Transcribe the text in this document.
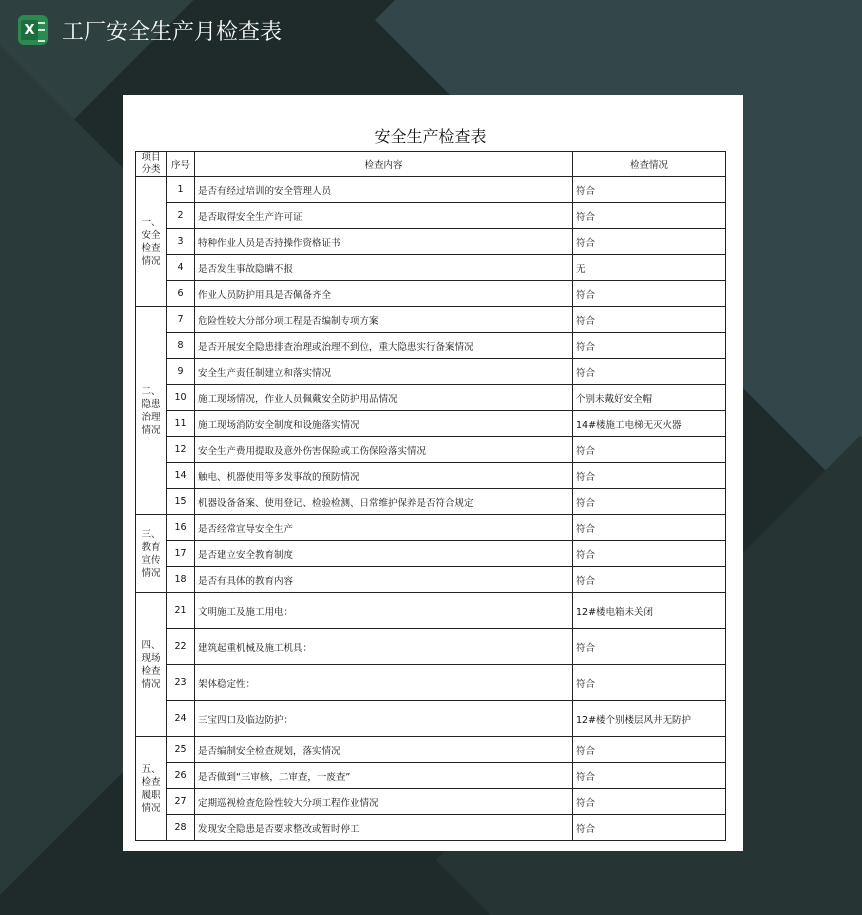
X 工厂安全生产月检查表
安全生产检查表			
项目
分类	序号	检查内容	检查情况
一、
安全
检查
情况	1	是否有经过培训的安全管理人员	符合
	2	是否取得安全生产许可证	符合
	3	特种作业人员是否持操作资格证书	符合
	4	是否发生事故隐瞒不报	无
	6	作业人员防护用具是否佩备齐全	符合
二、
隐患
治理
情况	7	危险性较大分部分项工程是否编制专项方案	符合
	8	是否开展安全隐患排查治理或治理不到位，重大隐患实行备案情况	符合
	9	安全生产责任制建立和落实情况	符合
	10	施工现场情况，作业人员佩戴安全防护用品情况	个别未戴好安全帽
	11	施工现场消防安全制度和设施落实情况	14#楼施工电梯无灭火器
	12	安全生产费用提取及意外伤害保险或工伤保险落实情况	符合
	14	触电、机器使用等多发事故的预防情况	符合
	15	机器设备备案、使用登记、检验检测、日常维护保养是否符合规定	符合
三、
教育
宣传
情况	16	是否经常宣导安全生产	符合
	17	是否建立安全教育制度	符合
	18	是否有具体的教育内容	符合
四、
现场
检查
情况	21	文明施工及施工用电：	12#楼电箱未关闭
	22	建筑起重机械及施工机具：	符合
	23	架体稳定性：	符合
	24	三宝四口及临边防护：	12#楼个别楼层风井无防护
五、
检查
履职
情况	25	是否编制安全检查规划，落实情况	符合
	26	是否做到“三审核，二审查，一废查”	符合
	27	定期巡视检查危险性较大分项工程作业情况	符合
	28	发现安全隐患是否要求整改或暂时停工	符合
